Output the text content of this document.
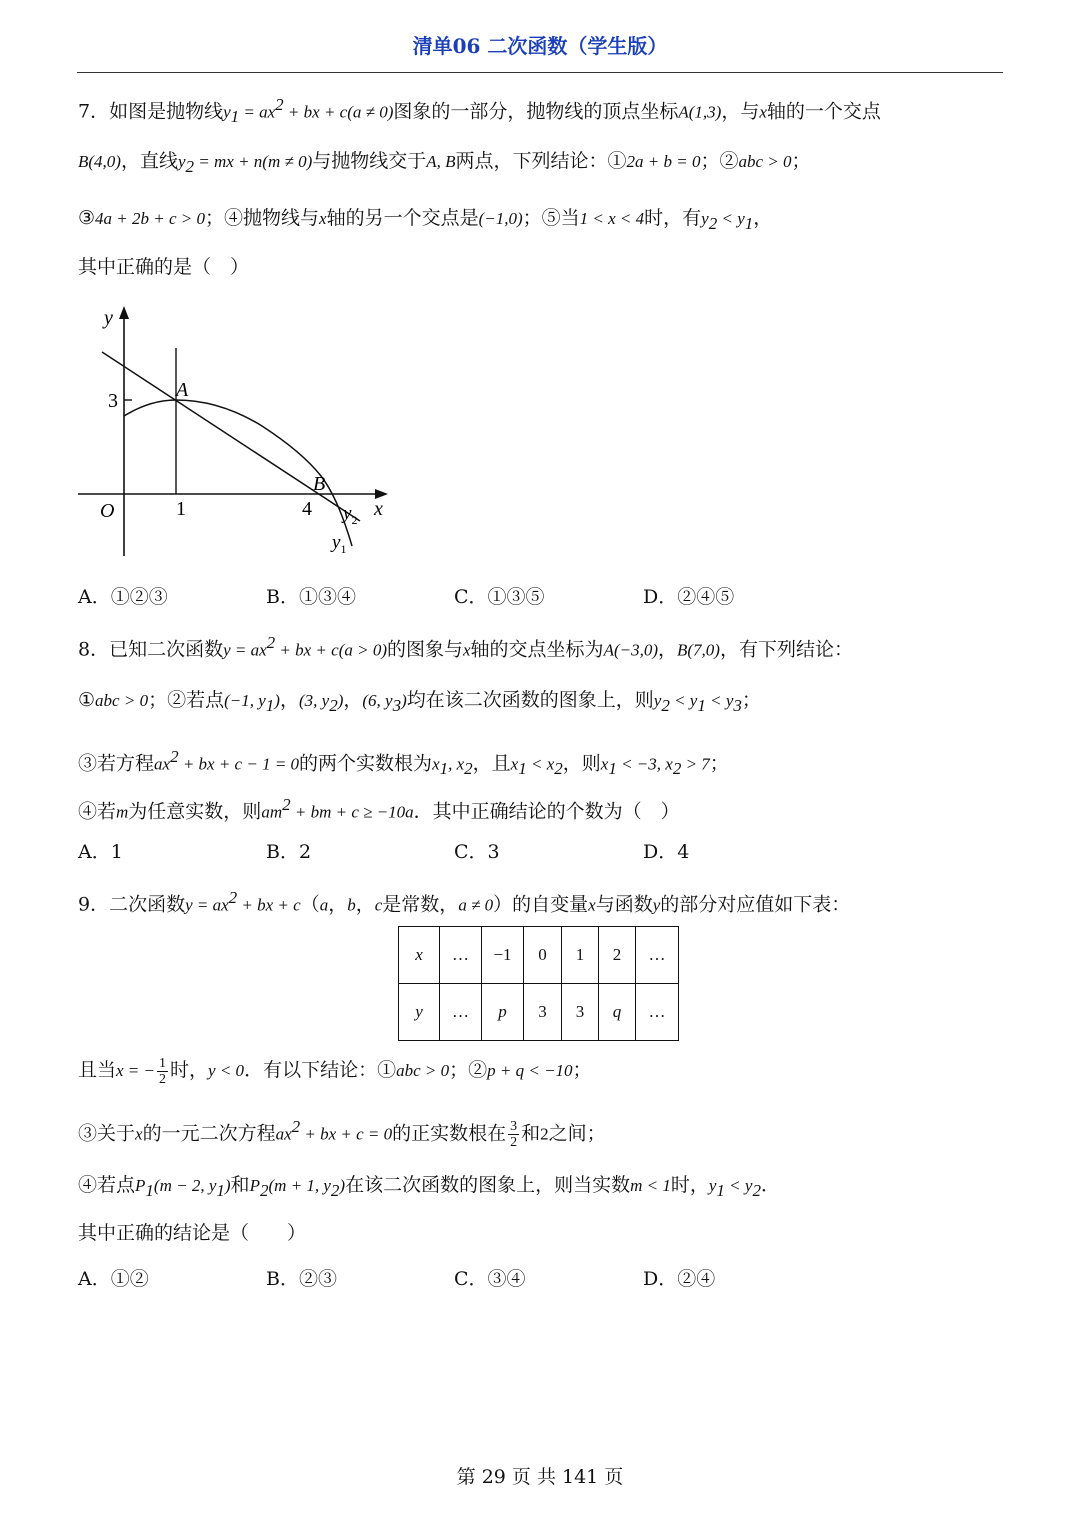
清单06 二次函数（学生版）
7．如图是抛物线$y_1 = ax^2$ + bx + c(a ≠ 0)图象的一部分，抛物线的顶点坐标A(1,3)，与x轴的一个交点
B(4,0)，直线$y_2$ = mx + n(m ≠ 0)与抛物线交于A, B两点，下列结论：①2a + b = 0；②abc > 0；
③4a + 2b + c > 0；④抛物线与x轴的另一个交点是(−1,0)；⑤当1 < x < 4时，有$y_2 < y_1$，
其中正确的是（　）
y
x
O
3
1	4
A
B
$y_2$
$y_1$
A．①②③	B．①③④	C．①③⑤	D．②④⑤
8．已知二次函数$y = ax^2$ + bx + c(a > 0)的图象与x轴的交点坐标为A(−3,0)，B(7,0)，有下列结论：
①abc > 0；②若点(−1, $y_1$)，(3, $y_2$)，(6, $y_3$)均在该二次函数的图象上，则$y_2 < y_1 < y_3$；
③若方程$ax^2$ + bx + c − 1 = 0的两个实数根为$x_1$, $x_2$，且$x_1 < x_2$，则$x_1 < -3$, $x_2 > 7$；
④若m为任意实数，则$am^2$ + bm + c ≥ −10a．其中正确结论的个数为（　）
A．1	B．2	C．3	D．4
9．二次函数$y = ax^2$ + bx + c（a，b，c是常数，a ≠ 0）的自变量x与函数y的部分对应值如下表：
x	…	−1	0	1	2	…
y	…	p	3	3	q	…
且当x = − $\frac{1}{2}$ 时，y < 0．有以下结论：①abc > 0；②p + q < −10；
③关于x的一元二次方程$ax^2$ + bx + c = 0的正实数根在 $\frac{3}{2}$ 和2之间；
④若点$P_1(m - 2$, $y_1$)和$P_2(m + 1$, $y_2$)在该二次函数的图象上，则当实数m < 1时，$y_1 < y_2$．
其中正确的结论是（　　）
A．①②	B．②③	C．③④	D．②④
第 29 页 共 141 页
